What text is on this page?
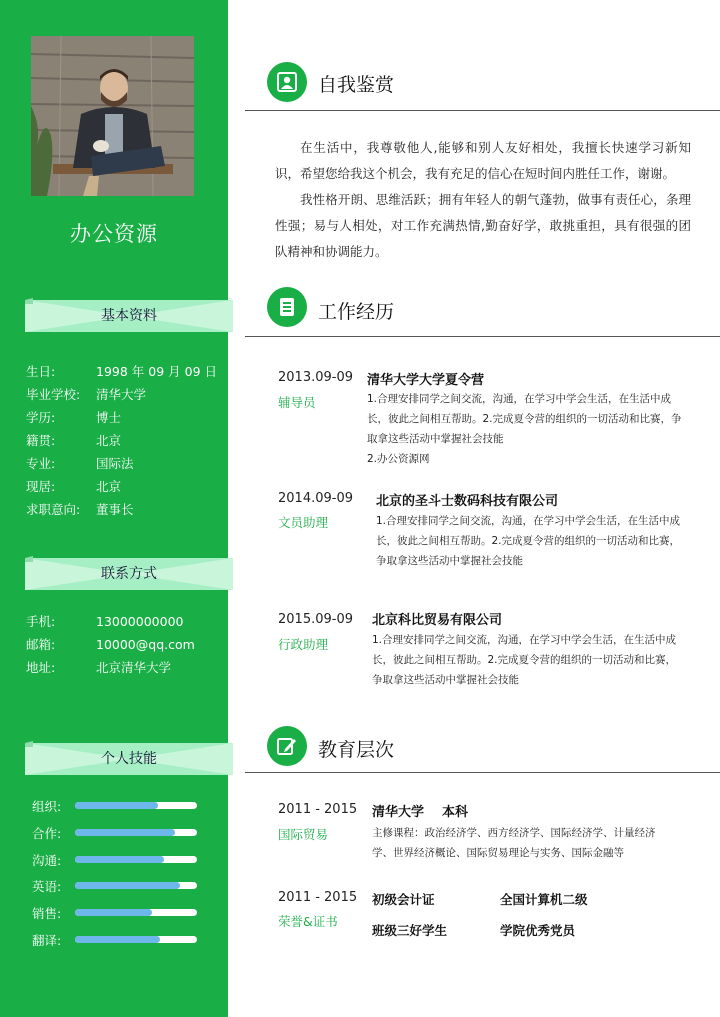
办公资源
基本资料
生日:	1998 年 09 月 09 日
毕业学校: 清华大学
学历:	博士
籍贯:	北京
专业:	国际法
现居:	北京
求职意向: 董事长
联系方式
手机:	13000000000
邮箱:	10000@qq.com
地址:	北京清华大学
个人技能
组织:
合作:
沟通:
英语:
销售:
翻译:
自我鉴赏

在生活中，我尊敬他人,能够和别人友好相处，我擅长快速学习新知识，希望您给我这个机会，我有充足的信心在短时间内胜任工作，谢谢。

我性格开朗、思维活跃；拥有年轻人的朝气蓬勃，做事有责任心，条理性强；易与人相处，对工作充满热情,勤奋好学，敢挑重担，具有很强的团队精神和协调能力。

工作经历
2013.09-09
辅导员
清华大学大学夏令营

1.合理安排同学之间交流，沟通，在学习中学会生活，在生活中成长，彼此之间相互帮助。2.完成夏令营的组织的一切活动和比赛，争取拿这些活动中掌握社会技能

2.办公资源网

2014.09-09
文员助理
北京的圣斗士数码科技有限公司

1.合理安排同学之间交流，沟通，在学习中学会生活，在生活中成长，彼此之间相互帮助。2.完成夏令营的组织的一切活动和比赛，争取拿这些活动中掌握社会技能

2015.09-09
行政助理
北京科比贸易有限公司

1.合理安排同学之间交流，沟通，在学习中学会生活，在生活中成长，彼此之间相互帮助。2.完成夏令营的组织的一切活动和比赛，争取拿这些活动中掌握社会技能

教育层次
2011 - 2015
国际贸易
清华大学 本科
主修课程：政治经济学、西方经济学、国际经济学、计量经济学、世界经济概论、国际贸易理论与实务、国际金融等
2011 - 2015
荣誉&证书
初级会计证	全国计算机二级
班级三好学生	学院优秀党员
